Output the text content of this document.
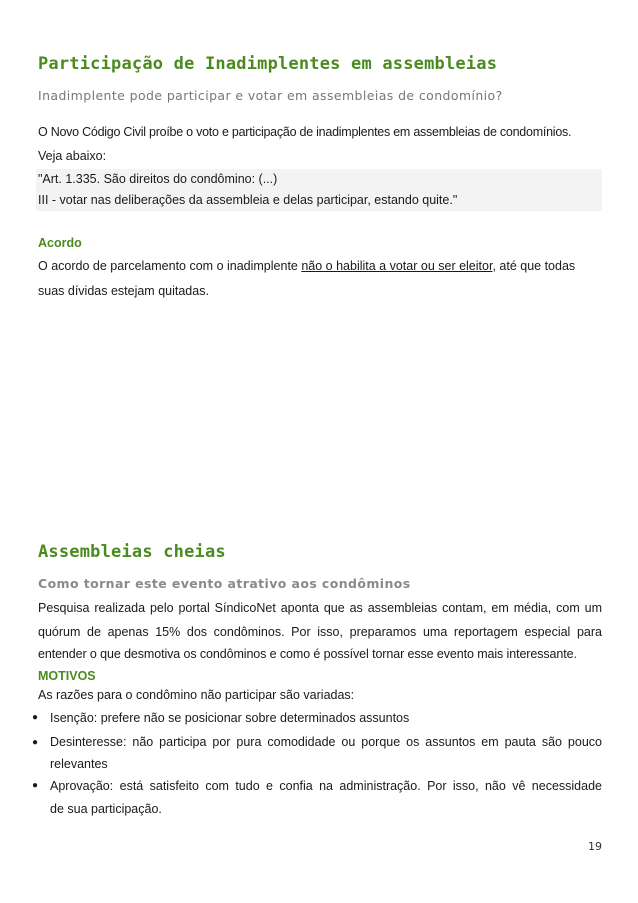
Participação de Inadimplentes em assembleias
Inadimplente pode participar e votar em assembleias de condomínio?
O Novo Código Civil proíbe o voto e participação de inadimplentes em assembleias de condomínios.
Veja abaixo:
"Art. 1.335. São direitos do condômino: (...)
III - votar nas deliberações da assembleia e delas participar, estando quite."
Acordo
O acordo de parcelamento com o inadimplente não o habilita a votar ou ser eleitor, até que todas
suas dívidas estejam quitadas.
Assembleias cheias
Como tornar este evento atrativo aos condôminos
Pesquisa realizada pelo portal SíndicoNet aponta que as assembleias contam, em média, com um
quórum de apenas 15% dos condôminos. Por isso, preparamos uma reportagem especial para
entender o que desmotiva os condôminos e como é possível tornar esse evento mais interessante.
MOTIVOS
As razões para o condômino não participar são variadas:
● Isenção: prefere não se posicionar sobre determinados assuntos
● Desinteresse: não participa por pura comodidade ou porque os assuntos em pauta são pouco
relevantes
● Aprovação: está satisfeito com tudo e confia na administração. Por isso, não vê necessidade
de sua participação.
19
